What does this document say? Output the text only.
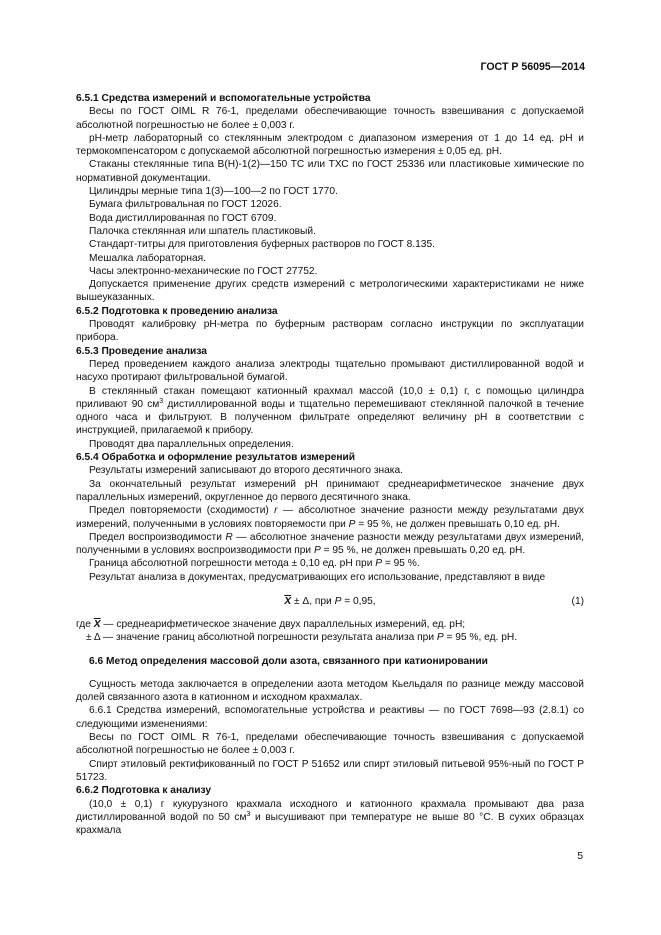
ГОСТ Р 56095—2014

6.5.1 Средства измерений и вспомогательные устройства

Весы по ГОСТ OIML R 76-1, пределами обеспечивающие точность взвешивания с допускаемой абсолютной погрешностью не более ± 0,003 г.

рН-метр лабораторный со стеклянным электродом с диапазоном измерения от 1 до 14 ед. рН и термокомпенсатором с допускаемой абсолютной погрешностью измерения ± 0,05 ед. рН.

Стаканы стеклянные типа В(Н)-1(2)—150 ТС или ТХС по ГОСТ 25336 или пластиковые химические по нормативной документации.

Цилиндры мерные типа 1(3)—100—2 по ГОСТ 1770.

Бумага фильтровальная по ГОСТ 12026.

Вода дистиллированная по ГОСТ 6709.

Палочка стеклянная или шпатель пластиковый.

Стандарт-титры для приготовления буферных растворов по ГОСТ 8.135.

Мешалка лабораторная.

Часы электронно-механические по ГОСТ 27752.

Допускается применение других средств измерений с метрологическими характеристиками не ниже вышеуказанных.

6.5.2 Подготовка к проведению анализа

Проводят калибровку рН-метра по буферным растворам согласно инструкции по эксплуатации прибора.

6.5.3 Проведение анализа

Перед проведением каждого анализа электроды тщательно промывают дистиллированной водой и насухо протирают фильтровальной бумагой.

В стеклянный стакан помещают катионный крахмал массой (10,0 ± 0,1) г, с помощью цилиндра приливают 90 $см^3$ дистиллированной воды и тщательно перемешивают стеклянной палочкой в течение одного часа и фильтруют. В полученном фильтрате определяют величину рН в соответствии с инструкцией, прилагаемой к прибору.

Проводят два параллельных определения.

6.5.4 Обработка и оформление результатов измерений

Результаты измерений записывают до второго десятичного знака.

За окончательный результат измерений рН принимают среднеарифметическое значение двух параллельных измерений, округленное до первого десятичного знака.

Предел повторяемости (сходимости) r — абсолютное значение разности между результатами двух измерений, полученными в условиях повторяемости при P = 95 %, не должен превышать 0,10 ед. рН.

Предел воспроизводимости R — абсолютное значение разности между результатами двух измерений, полученными в условиях воспроизводимости при P = 95 %, не должен превышать 0,20 ед. рН.

Граница абсолютной погрешности метода ± 0,10 ед. рН при P = 95 %.

Результат анализа в документах, предусматривающих его использование, представляют в виде

$\overline{X} \pm \Delta$, при P = 0,95,	(1)

где $\overline{X}$ — среднеарифметическое значение двух параллельных измерений, ед. рН;

± Δ — значение границ абсолютной погрешности результата анализа при P = 95 %, ед. рН.

6.6 Метод определения массовой доли азота, связанного при катионировании

Сущность метода заключается в определении азота методом Кьельдаля по разнице между массовой долей связанного азота в катионном и исходном крахмалах.

6.6.1 Средства измерений, вспомогательные устройства и реактивы — по ГОСТ 7698—93 (2.8.1) со следующими изменениями:

Весы по ГОСТ OIML R 76-1, пределами обеспечивающие точность взвешивания с допускаемой абсолютной погрешностью не более ± 0,003 г.

Спирт этиловый ректификованный по ГОСТ Р 51652 или спирт этиловый питьевой 95%-ный по ГОСТ Р 51723.

6.6.2 Подготовка к анализу

(10,0 ± 0,1) г кукурузного крахмала исходного и катионного крахмала промывают два раза дистиллированной водой по 50 $см^3$ и высушивают при температуре не выше 80 °С. В сухих образцах крахмала

5
